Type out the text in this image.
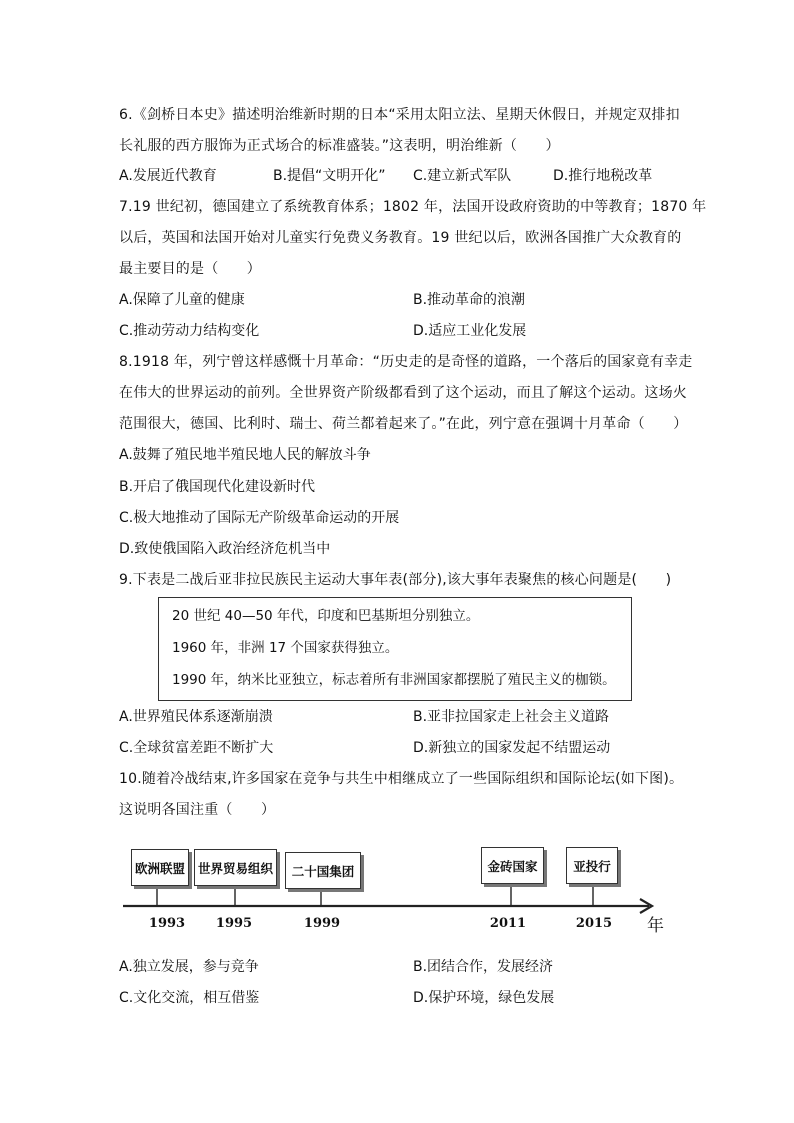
6.《剑桥日本史》描述明治维新时期的日本“采用太阳立法、星期天休假日，并规定双排扣
长礼服的西方服饰为正式场合的标准盛装。”这表明，明治维新（　　）
A.发展近代教育	B.提倡“文明开化” C.建立新式军队	D.推行地税改革
7.19 世纪初，德国建立了系统教育体系；1802 年，法国开设政府资助的中等教育；1870 年
以后，英国和法国开始对儿童实行免费义务教育。19 世纪以后，欧洲各国推广大众教育的
最主要目的是（　　）
A.保障了儿童的健康	B.推动革命的浪潮
C.推动劳动力结构变化	D.适应工业化发展
8.1918 年，列宁曾这样感慨十月革命：“历史走的是奇怪的道路，一个落后的国家竟有幸走
在伟大的世界运动的前列。全世界资产阶级都看到了这个运动，而且了解这个运动。这场火
范围很大，德国、比利时、瑞士、荷兰都着起来了。”在此，列宁意在强调十月革命（　　）
A.鼓舞了殖民地半殖民地人民的解放斗争
B.开启了俄国现代化建设新时代
C.极大地推动了国际无产阶级革命运动的开展
D.致使俄国陷入政治经济危机当中
9.下表是二战后亚非拉民族民主运动大事年表(部分),该大事年表聚焦的核心问题是(　　)
20 世纪 40—50 年代，印度和巴基斯坦分别独立。
1960 年，非洲 17 个国家获得独立。
1990 年，纳米比亚独立，标志着所有非洲国家都摆脱了殖民主义的枷锁。
A.世界殖民体系逐渐崩溃	B.亚非拉国家走上社会主义道路
C.全球贫富差距不断扩大	D.新独立的国家发起不结盟运动
10.随着冷战结束,许多国家在竞争与共生中相继成立了一些国际组织和国际论坛(如下图)。
这说明各国注重（　　）
欧洲联盟	世界贸易组织	二十国集团	金砖国家	亚投行
1993	1995	1999	2011	2015	年
A.独立发展，参与竞争	B.团结合作，发展经济
C.文化交流，相互借鉴	D.保护环境，绿色发展
